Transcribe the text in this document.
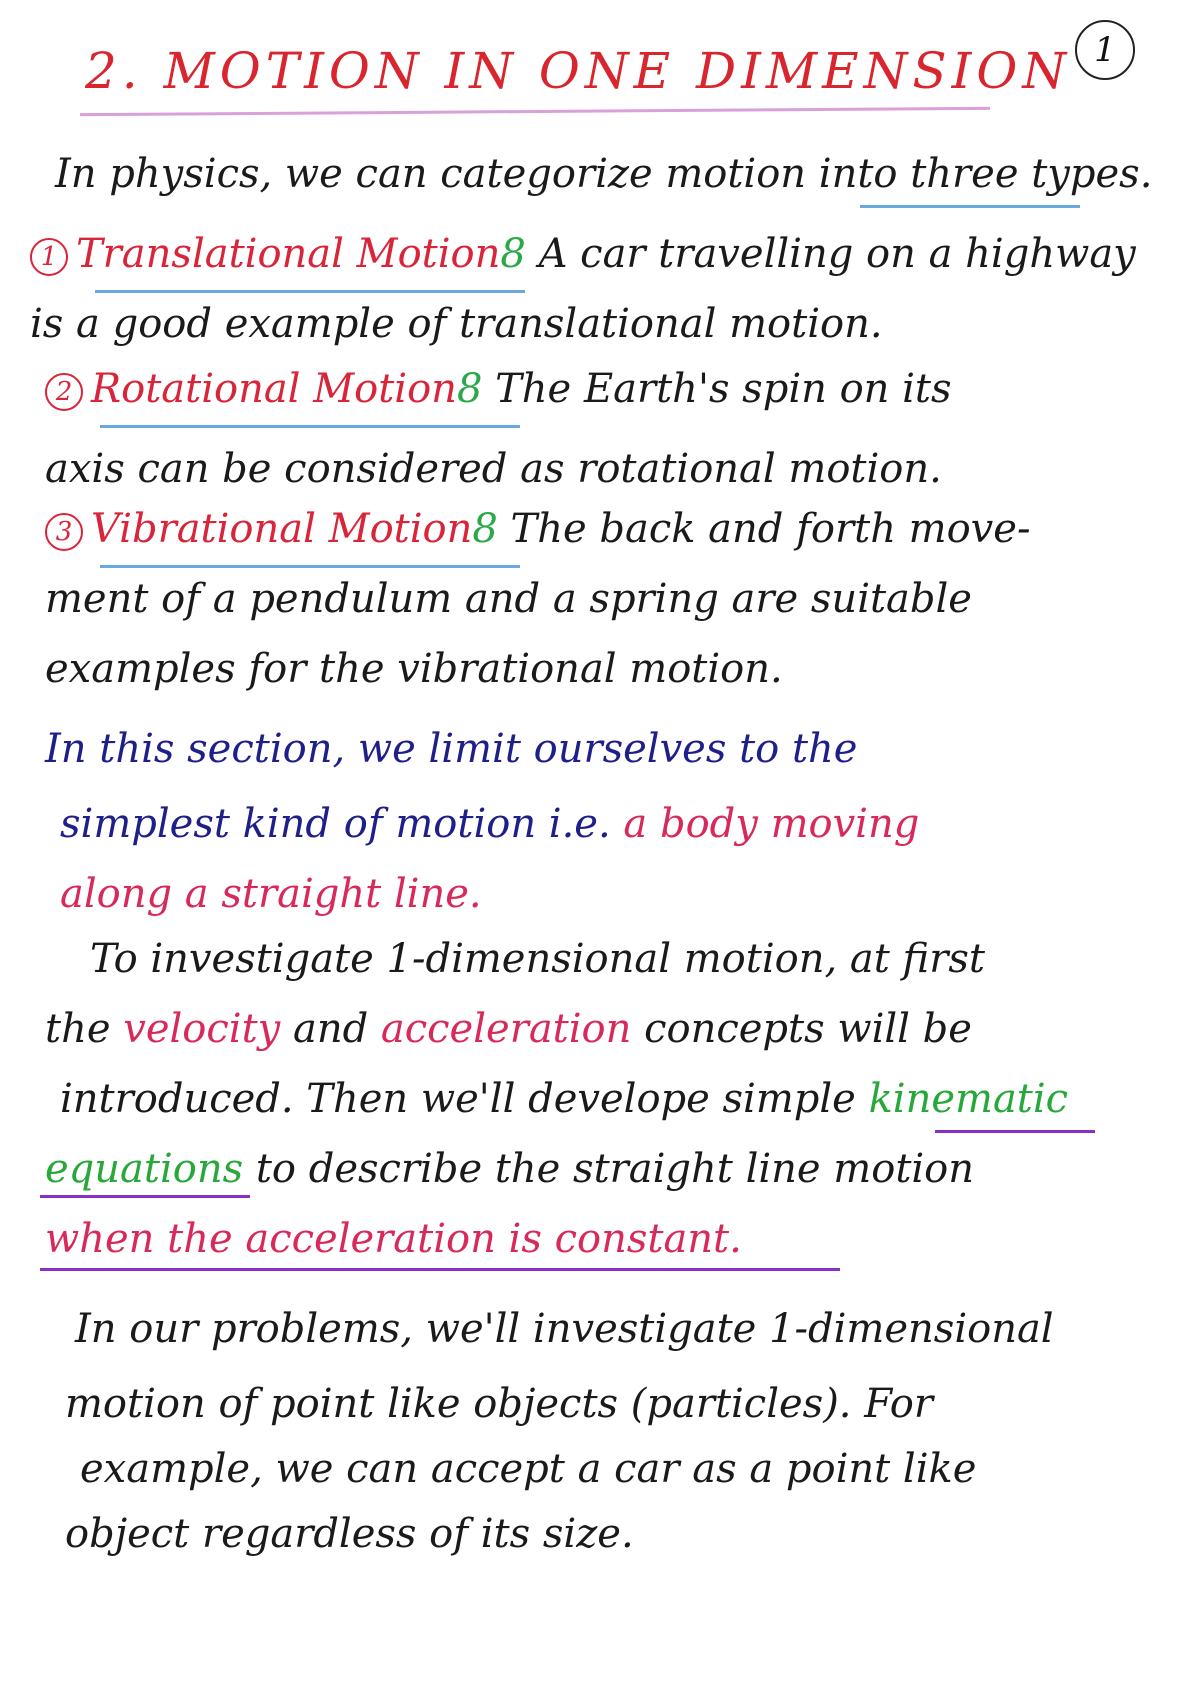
1
2. MOTION IN ONE DIMENSION
In physics, we can categorize motion into three types.
1 Translational Motion8 A car travelling on a highway
is a good example of translational motion.
2 Rotational Motion8 The Earth's spin on its
axis can be considered as rotational motion.
3 Vibrational Motion8 The back and forth move-
ment of a pendulum and a spring are suitable
examples for the vibrational motion.
In this section, we limit ourselves to the
simplest kind of motion i.e. a body moving
along a straight line.
To investigate 1-dimensional motion, at first
the velocity and acceleration concepts will be
introduced. Then we'll develope simple kinematic
equations to describe the straight line motion
when the acceleration is constant.
In our problems, we'll investigate 1-dimensional
motion of point like objects (particles). For
example, we can accept a car as a point like
object regardless of its size.
